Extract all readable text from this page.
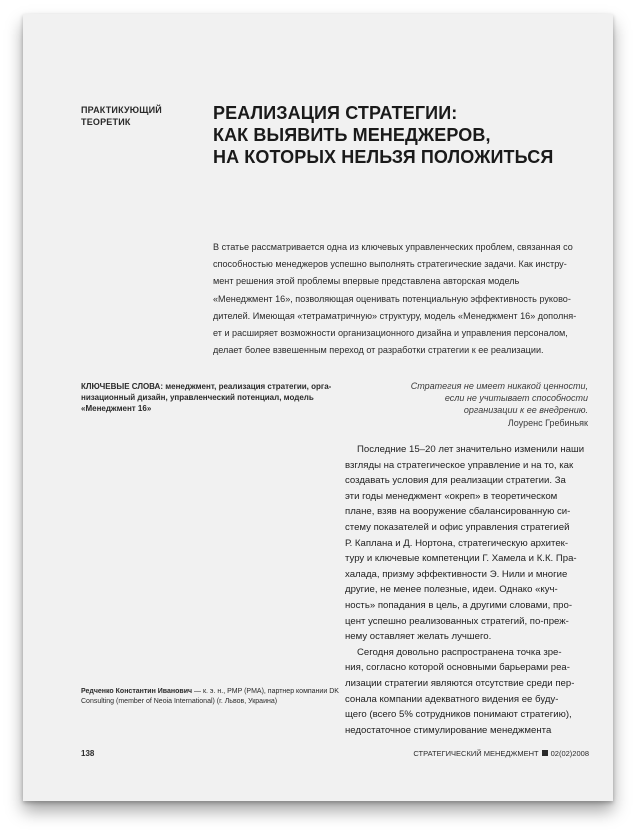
ПРАКТИКУЮЩИЙ
ТЕОРЕТИК	РЕАЛИЗАЦИЯ СТРАТЕГИИ:
КАК ВЫЯВИТЬ МЕНЕДЖЕРОВ,
НА КОТОРЫХ НЕЛЬЗЯ ПОЛОЖИТЬСЯ
В статье рассматривается одна из ключевых управленческих проблем, связанная со
способностью менеджеров успешно выполнять стратегические задачи. Как инстру-
мент решения этой проблемы впервые представлена авторская модель
«Менеджмент 16», позволяющая оценивать потенциальную эффективность руково-
дителей. Имеющая «тетраматричную» структуру, модель «Менеджмент 16» дополня-
ет и расширяет возможности организационного дизайна и управления персоналом,
делает более взвешенным переход от разработки стратегии к ее реализации.
КЛЮЧЕВЫЕ СЛОВА: менеджмент, реализация стратегии, орга-
низационный дизайн, управленческий потенциал, модель
«Менеджмент 16»
Стратегия не имеет никакой ценности,
если не учитывает способности
организации к ее внедрению.
Лоуренс Гребиньяк
Последние 15–20 лет значительно изменили наши
взгляды на стратегическое управление и на то, как
создавать условия для реализации стратегии. За
эти годы менеджмент «окреп» в теоретическом
плане, взяв на вооружение сбалансированную си-
стему показателей и офис управления стратегией
Р. Каплана и Д. Нортона, стратегическую архитек-
туру и ключевые компетенции Г. Хамела и К.К. Пра-
халада, призму эффективности Э. Нили и многие
другие, не менее полезные, идеи. Однако «куч-
ность» попадания в цель, а другими словами, про-
цент успешно реализованных стратегий, по-преж-
нему оставляет желать лучшего.
Сегодня довольно распространена точка зре-
ния, согласно которой основными барьерами реа-
лизации стратегии являются отсутствие среди пер-
сонала компании адекватного видения ее буду-
щего (всего 5% сотрудников понимают стратегию),
недостаточное стимулирование менеджмента
Редченко Константин Иванович — к. э. н., PMP (PMA), партнер компании DK
Consulting (member of Neoia International) (г. Львов, Украина)
138	СТРАТЕГИЧЕСКИЙ МЕНЕДЖМЕНТ 02(02)2008
